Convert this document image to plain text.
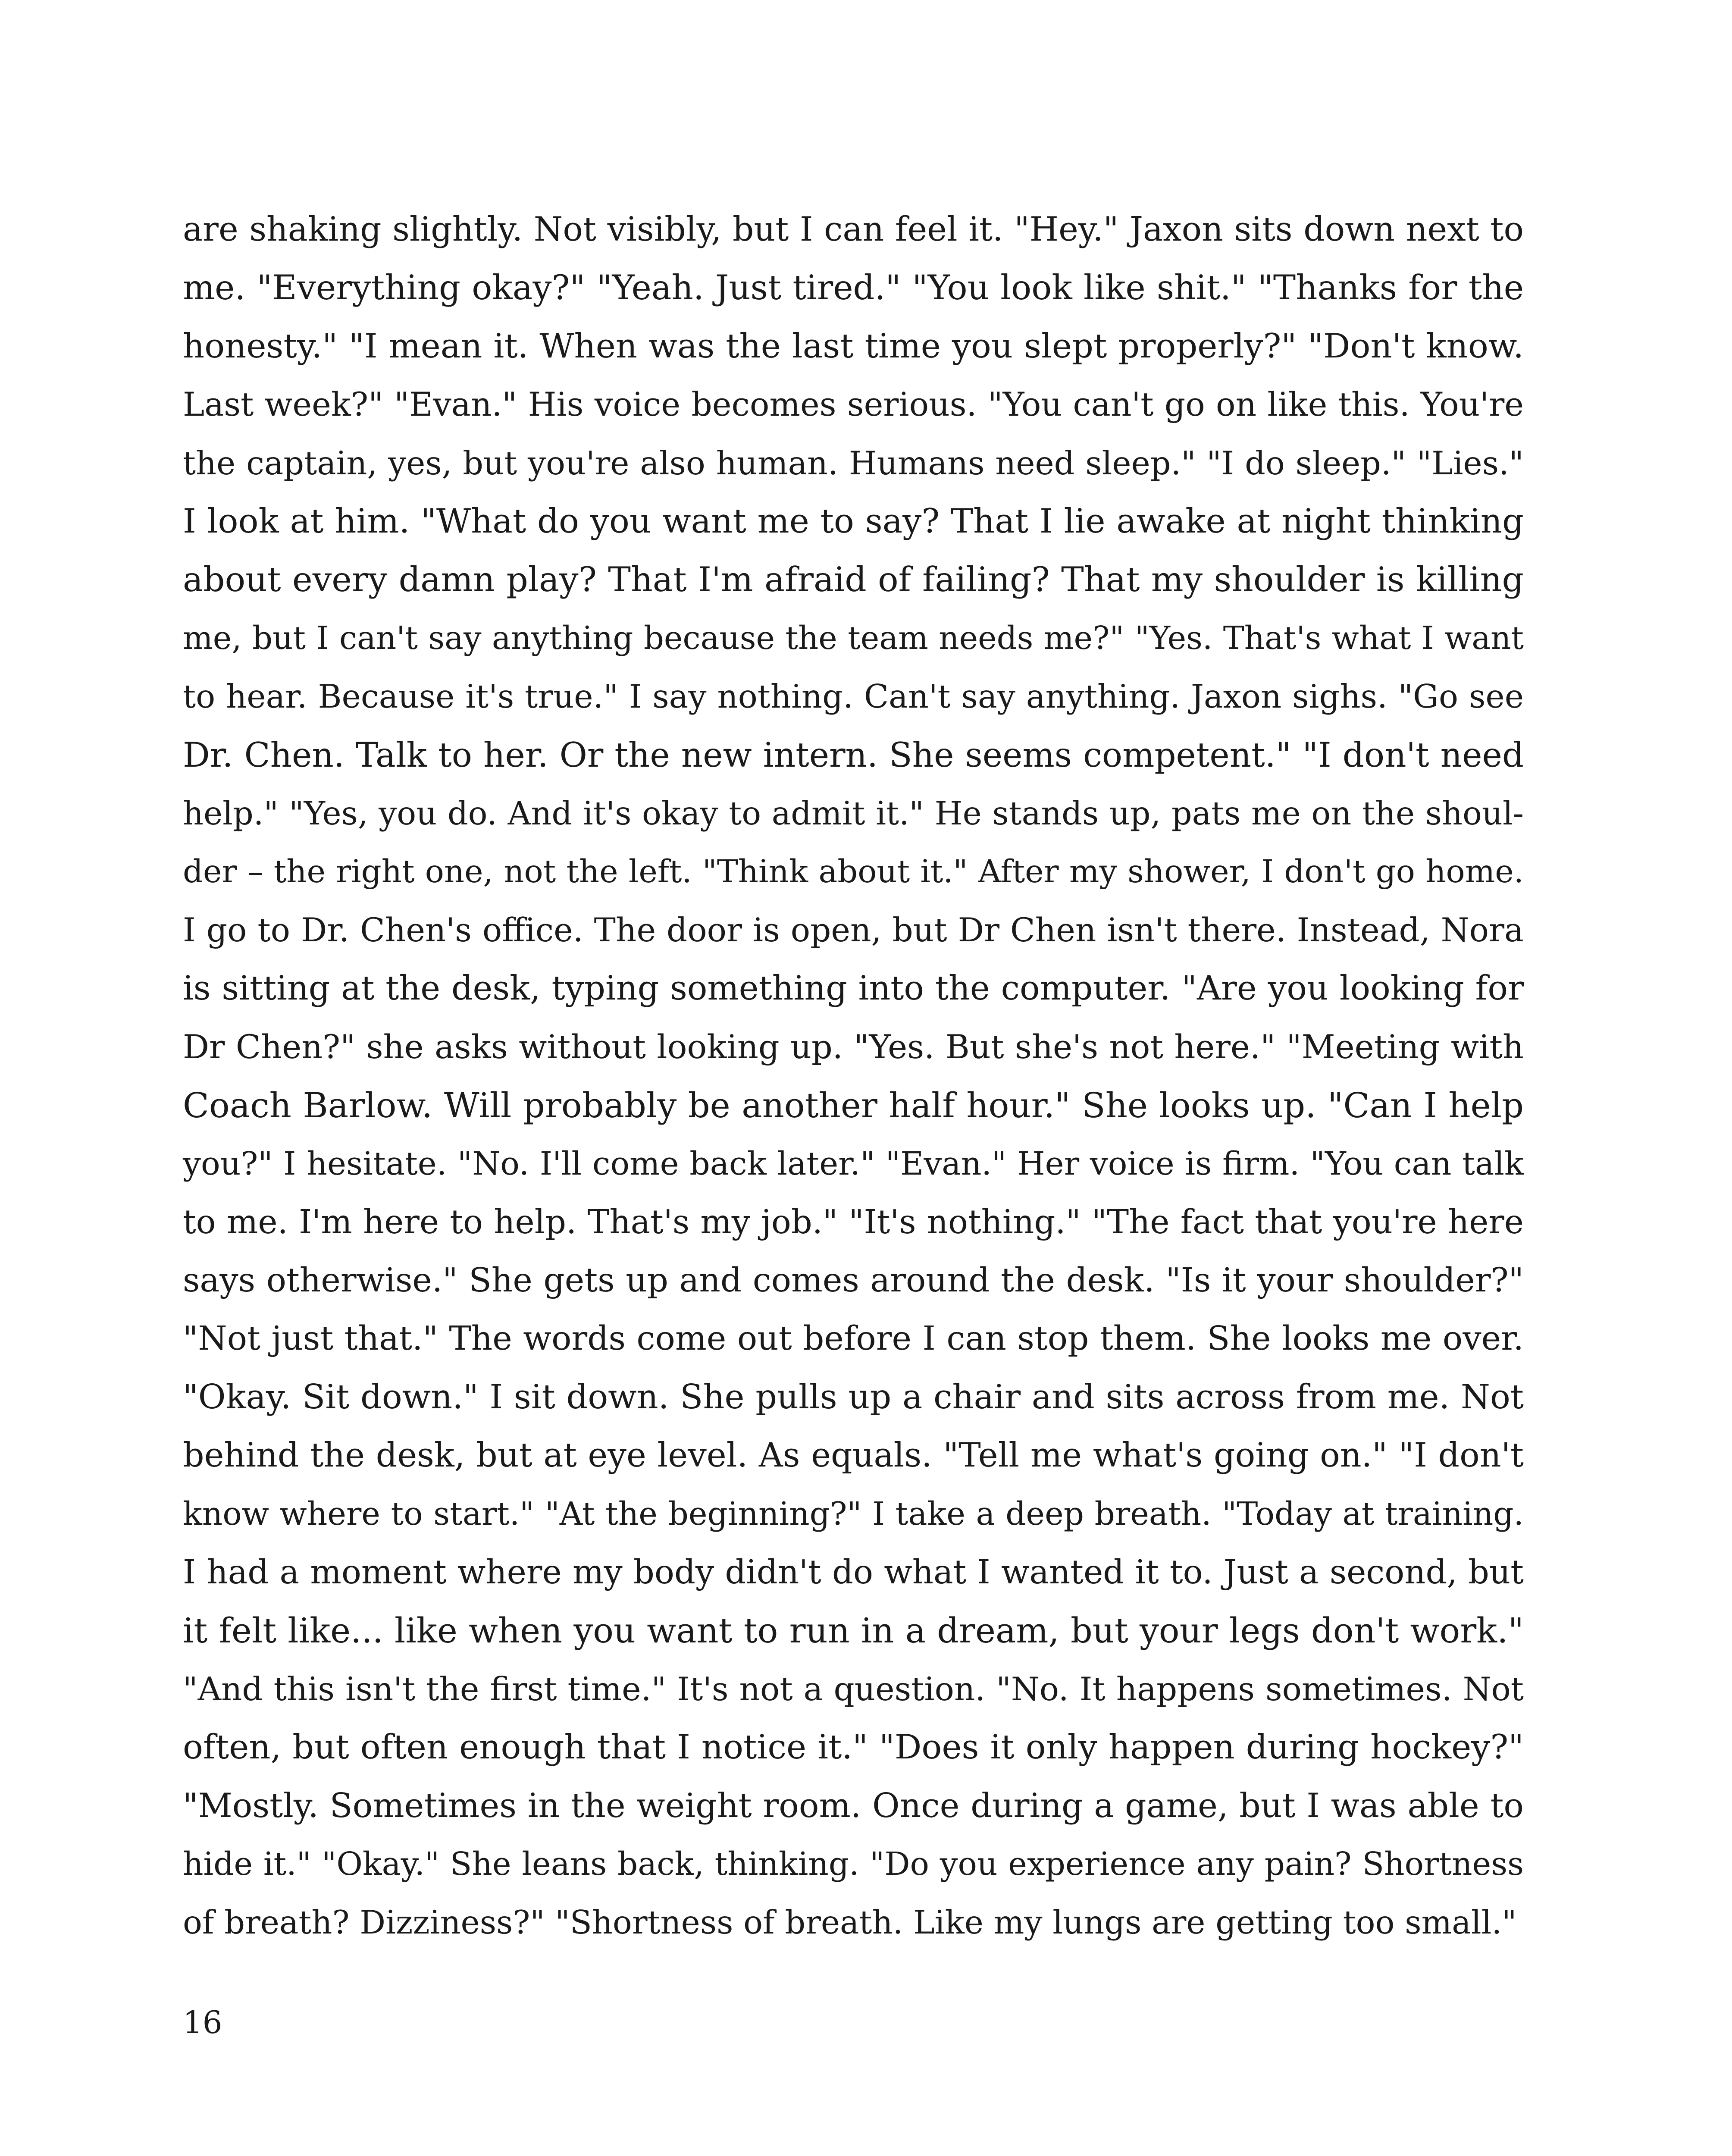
are shaking slightly. Not visibly, but I can feel it. "Hey." Jaxon sits down next to
me. "Everything okay?" "Yeah. Just tired." "You look like shit." "Thanks for the
honesty." "I mean it. When was the last time you slept properly?" "Don't know.
Last week?" "Evan." His voice becomes serious. "You can't go on like this. You're
the captain, yes, but you're also human. Humans need sleep." "I do sleep." "Lies."
I look at him. "What do you want me to say? That I lie awake at night thinking
about every damn play? That I'm afraid of failing? That my shoulder is killing
me, but I can't say anything because the team needs me?" "Yes. That's what I want
to hear. Because it's true." I say nothing. Can't say anything. Jaxon sighs. "Go see
Dr. Chen. Talk to her. Or the new intern. She seems competent." "I don't need
help." "Yes, you do. And it's okay to admit it." He stands up, pats me on the shoul-
der – the right one, not the left. "Think about it." After my shower, I don't go home.
I go to Dr. Chen's office. The door is open, but Dr Chen isn't there. Instead, Nora
is sitting at the desk, typing something into the computer. "Are you looking for
Dr Chen?" she asks without looking up. "Yes. But she's not here." "Meeting with
Coach Barlow. Will probably be another half hour." She looks up. "Can I help
you?" I hesitate. "No. I'll come back later." "Evan." Her voice is firm. "You can talk
to me. I'm here to help. That's my job." "It's nothing." "The fact that you're here
says otherwise." She gets up and comes around the desk. "Is it your shoulder?"
"Not just that." The words come out before I can stop them. She looks me over.
"Okay. Sit down." I sit down. She pulls up a chair and sits across from me. Not
behind the desk, but at eye level. As equals. "Tell me what's going on." "I don't
know where to start." "At the beginning?" I take a deep breath. "Today at training.
I had a moment where my body didn't do what I wanted it to. Just a second, but
it felt like... like when you want to run in a dream, but your legs don't work."
"And this isn't the first time." It's not a question. "No. It happens sometimes. Not
often, but often enough that I notice it." "Does it only happen during hockey?"
"Mostly. Sometimes in the weight room. Once during a game, but I was able to
hide it." "Okay." She leans back, thinking. "Do you experience any pain? Shortness
of breath? Dizziness?" "Shortness of breath. Like my lungs are getting too small."
16
